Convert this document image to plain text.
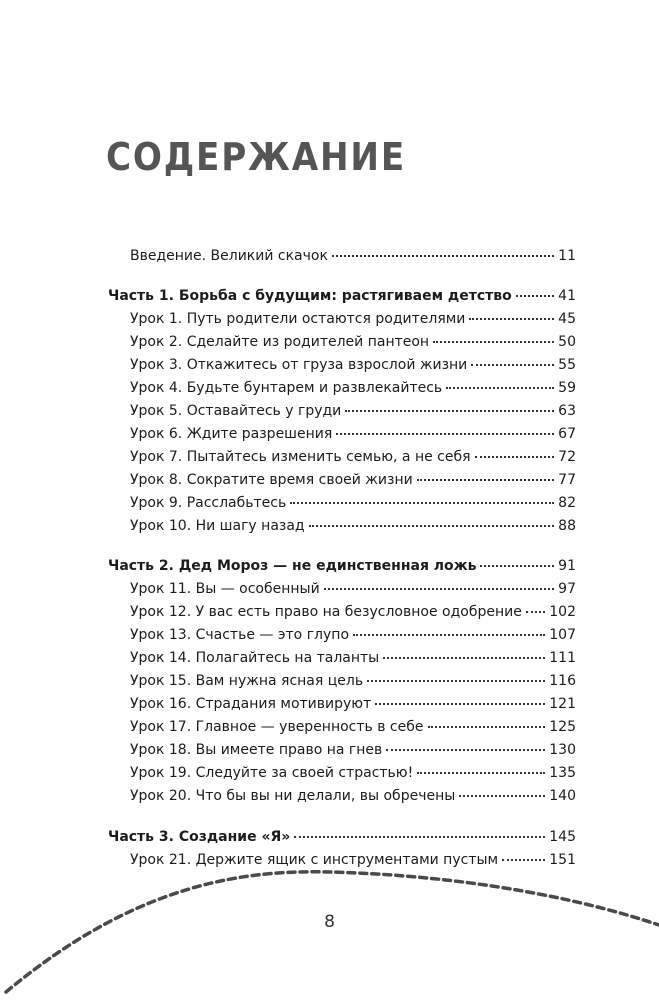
СОДЕРЖАНИЕ
Введение. Великий скачок	11
Часть 1. Борьба с будущим: растягиваем детство	41
Урок 1. Путь родители остаются родителями	45
Урок 2. Сделайте из родителей пантеон	50
Урок 3. Откажитесь от груза взрослой жизни	55
Урок 4. Будьте бунтарем и развлекайтесь	59
Урок 5. Оставайтесь у груди	63
Урок 6. Ждите разрешения	67
Урок 7. Пытайтесь изменить семью, а не себя	72
Урок 8. Сократите время своей жизни	77
Урок 9. Расслабьтесь	82
Урок 10. Ни шагу назад	88
Часть 2. Дед Мороз — не единственная ложь	91
Урок 11. Вы — особенный	97
Урок 12. У вас есть право на безусловное одобрение 102
Урок 13. Счастье — это глупо	107
Урок 14. Полагайтесь на таланты	111
Урок 15. Вам нужна ясная цель	116
Урок 16. Страдания мотивируют	121
Урок 17. Главное — уверенность в себе	125
Урок 18. Вы имеете право на гнев	130
Урок 19. Следуйте за своей страстью!	135
Урок 20. Что бы вы ни делали, вы обречены	140
Часть 3. Создание «Я»	145
Урок 21. Держите ящик с инструментами пустым	151
8
